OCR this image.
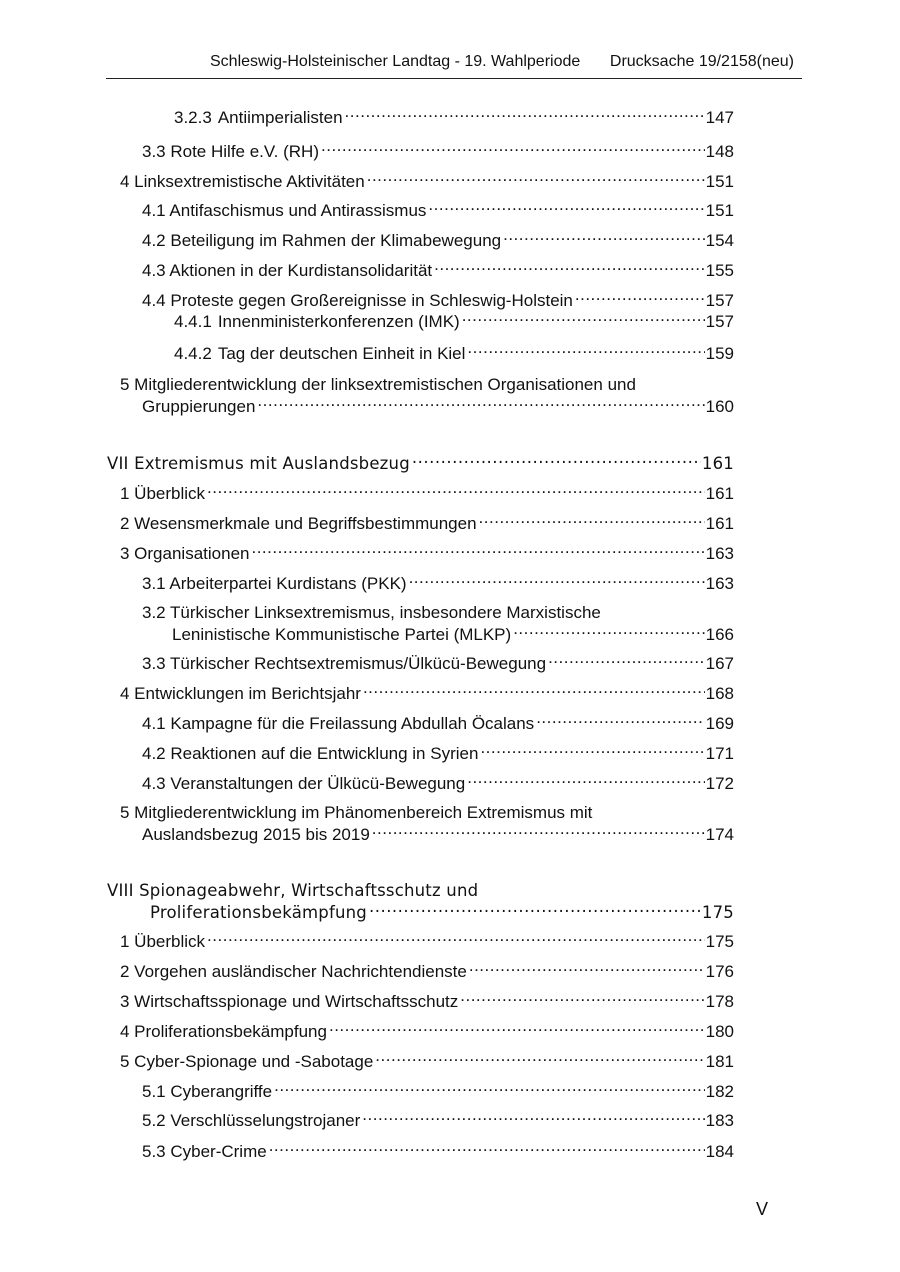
Schleswig-Holsteinischer Landtag - 19. Wahlperiode Drucksache 19/2158(neu)
3.2.3 Antiimperialisten .....	147
3.3 Rote Hilfe e.V. (RH) .....	148
4 Linksextremistische Aktivitäten .....	151
4.1 Antifaschismus und Antirassismus .....	151
4.2 Beteiligung im Rahmen der Klimabewegung .....	154
4.3 Aktionen in der Kurdistansolidarität .....	155
4.4 Proteste gegen Großereignisse in Schleswig-Holstein .....	157
4.4.1 Innenministerkonferenzen (IMK) .....	157
4.4.2 Tag der deutschen Einheit in Kiel .....	159
5 Mitgliederentwicklung der linksextremistischen Organisationen und
Gruppierungen .....	160
VII Extremismus mit Auslandsbezug .....	161
1 Überblick .....	161
2 Wesensmerkmale und Begriffsbestimmungen .....	161
3 Organisationen .....	163
3.1 Arbeiterpartei Kurdistans (PKK) .....	163
3.2 Türkischer Linksextremismus, insbesondere Marxistische
Leninistische Kommunistische Partei (MLKP) .....	166
3.3 Türkischer Rechtsextremismus/Ülkücü-Bewegung .....	167
4 Entwicklungen im Berichtsjahr .....	168
4.1 Kampagne für die Freilassung Abdullah Öcalans .....	169
4.2 Reaktionen auf die Entwicklung in Syrien .....	171
4.3 Veranstaltungen der Ülkücü-Bewegung .....	172
5 Mitgliederentwicklung im Phänomenbereich Extremismus mit
Auslandsbezug 2015 bis 2019 .....	174
VIII Spionageabwehr, Wirtschaftsschutz und
Proliferationsbekämpfung .....	175
1 Überblick .....	175
2 Vorgehen ausländischer Nachrichtendienste .....	176
3 Wirtschaftsspionage und Wirtschaftsschutz .....	178
4 Proliferationsbekämpfung .....	180
5 Cyber-Spionage und -Sabotage .....	181
5.1 Cyberangriffe .....	182
5.2 Verschlüsselungstrojaner .....	183
5.3 Cyber-Crime .....	184
V
